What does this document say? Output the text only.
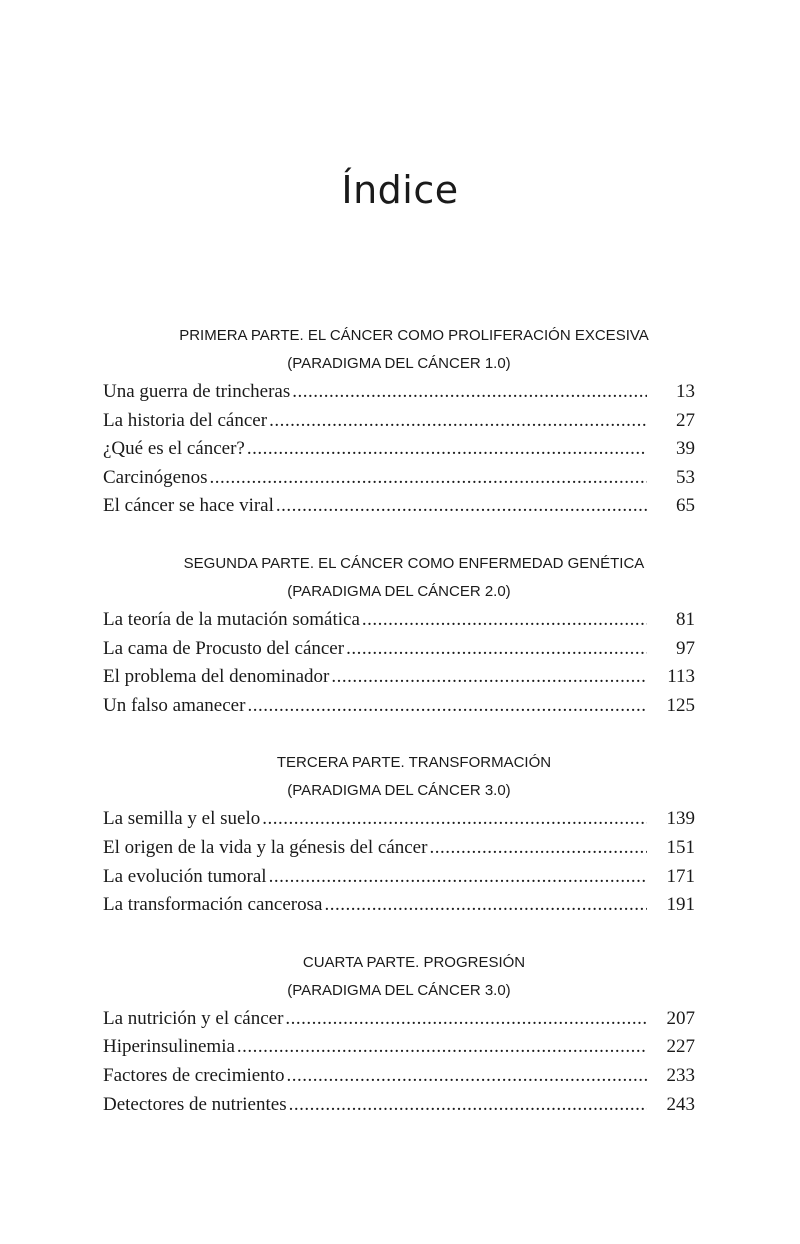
Índice
PRIMERA PARTE. EL CÁNCER COMO PROLIFERACIÓN EXCESIVA
(PARADIGMA DEL CÁNCER 1.0)
Una guerra de trincheras .....	13
La historia del cáncer .....	27
¿Qué es el cáncer? .....	39
Carcinógenos .....	53
El cáncer se hace viral .....	65
SEGUNDA PARTE. EL CÁNCER COMO ENFERMEDAD GENÉTICA
(PARADIGMA DEL CÁNCER 2.0)
La teoría de la mutación somática .....	81
La cama de Procusto del cáncer .....	97
El problema del denominador .....	113
Un falso amanecer .....	125
TERCERA PARTE. TRANSFORMACIÓN
(PARADIGMA DEL CÁNCER 3.0)
La semilla y el suelo .....	139
El origen de la vida y la génesis del cáncer .....	151
La evolución tumoral .....	171
La transformación cancerosa .....	191
CUARTA PARTE. PROGRESIÓN
(PARADIGMA DEL CÁNCER 3.0)
La nutrición y el cáncer .....	207
Hiperinsulinemia .....	227
Factores de crecimiento .....	233
Detectores de nutrientes .....	243
